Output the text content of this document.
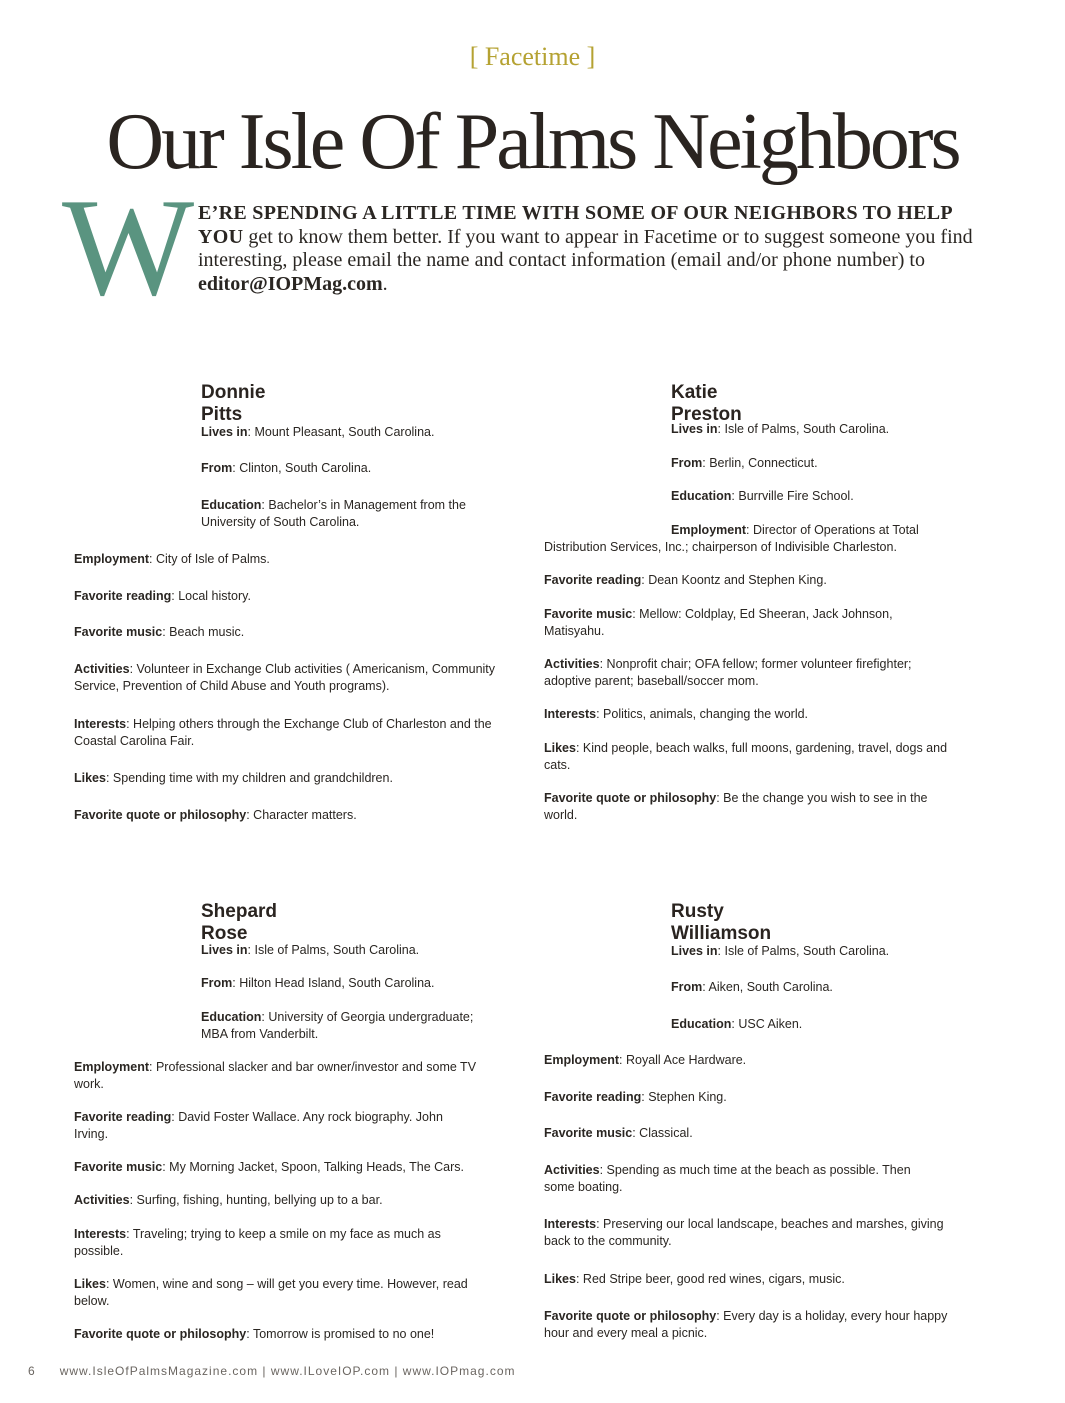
[ Facetime ]
Our Isle Of Palms Neighbors
W E’RE SPENDING A LITTLE TIME WITH SOME OF OUR NEIGHBORS TO HELP YOU get to know them better. If you want to appear in Facetime or to suggest someone you find interesting, please email the name and contact information (email and/or phone number) to editor@IOPMag.com.
Donnie Pitts
Lives in: Mount Pleasant, South Carolina.
From: Clinton, South Carolina.
Education: Bachelor’s in Management from the University of South Carolina.
Employment: City of Isle of Palms.
Favorite reading: Local history.
Favorite music: Beach music.
Activities: Volunteer in Exchange Club activities ( Americanism, Community Service, Prevention of Child Abuse and Youth programs).
Interests: Helping others through the Exchange Club of Charleston and the Coastal Carolina Fair.
Likes: Spending time with my children and grandchildren.
Favorite quote or philosophy: Character matters.
Katie Preston
Lives in: Isle of Palms, South Carolina.
From: Berlin, Connecticut.
Education: Burrville Fire School.
Employment: Director of Operations at Total Distribution Services, Inc.; chairperson of Indivisible Charleston.
Favorite reading: Dean Koontz and Stephen King.
Favorite music: Mellow: Coldplay, Ed Sheeran, Jack Johnson, Matisyahu.
Activities: Nonprofit chair; OFA fellow; former volunteer firefighter; adoptive parent; baseball/soccer mom.
Interests: Politics, animals, changing the world.
Likes: Kind people, beach walks, full moons, gardening, travel, dogs and cats.
Favorite quote or philosophy: Be the change you wish to see in the world.
Shepard Rose
Lives in: Isle of Palms, South Carolina.
From: Hilton Head Island, South Carolina.
Education: University of Georgia undergraduate; MBA from Vanderbilt.
Employment: Professional slacker and bar owner/investor and some TV work.
Favorite reading: David Foster Wallace. Any rock biography. John Irving.
Favorite music: My Morning Jacket, Spoon, Talking Heads, The Cars.
Activities: Surfing, fishing, hunting, bellying up to a bar.
Interests: Traveling; trying to keep a smile on my face as much as possible.
Likes: Women, wine and song – will get you every time. However, read below.
Favorite quote or philosophy: Tomorrow is promised to no one!
Rusty Williamson
Lives in: Isle of Palms, South Carolina.
From: Aiken, South Carolina.
Education: USC Aiken.
Employment: Royall Ace Hardware.
Favorite reading: Stephen King.
Favorite music: Classical.
Activities: Spending as much time at the beach as possible. Then some boating.
Interests: Preserving our local landscape, beaches and marshes, giving back to the community.
Likes: Red Stripe beer, good red wines, cigars, music.
Favorite quote or philosophy: Every day is a holiday, every hour happy hour and every meal a picnic.
6 www.IsleOfPalmsMagazine.com | www.ILoveIOP.com | www.IOPmag.com
